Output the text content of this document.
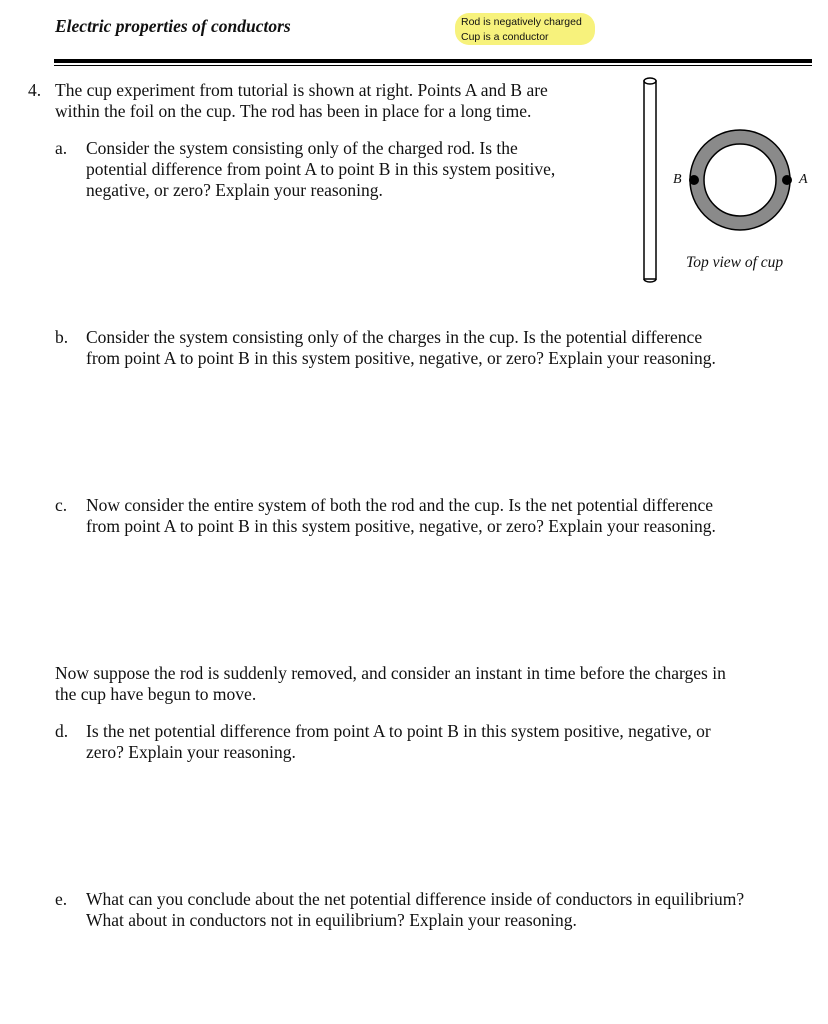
Electric properties of conductors	Rod is negatively charged
Cup is a conductor
4. The cup experiment from tutorial is shown at right. Points A and B are
within the foil on the cup. The rod has been in place for a long time.
B	A
Top view of cup
a. Consider the system consisting only of the charged rod. Is the
potential difference from point A to point B in this system positive,
negative, or zero? Explain your reasoning.
b. Consider the system consisting only of the charges in the cup. Is the potential difference
from point A to point B in this system positive, negative, or zero? Explain your reasoning.
c. Now consider the entire system of both the rod and the cup. Is the net potential difference
from point A to point B in this system positive, negative, or zero? Explain your reasoning.
Now suppose the rod is suddenly removed, and consider an instant in time before the charges in
the cup have begun to move.
d. Is the net potential difference from point A to point B in this system positive, negative, or
zero? Explain your reasoning.
e. What can you conclude about the net potential difference inside of conductors in equilibrium?
What about in conductors not in equilibrium? Explain your reasoning.
